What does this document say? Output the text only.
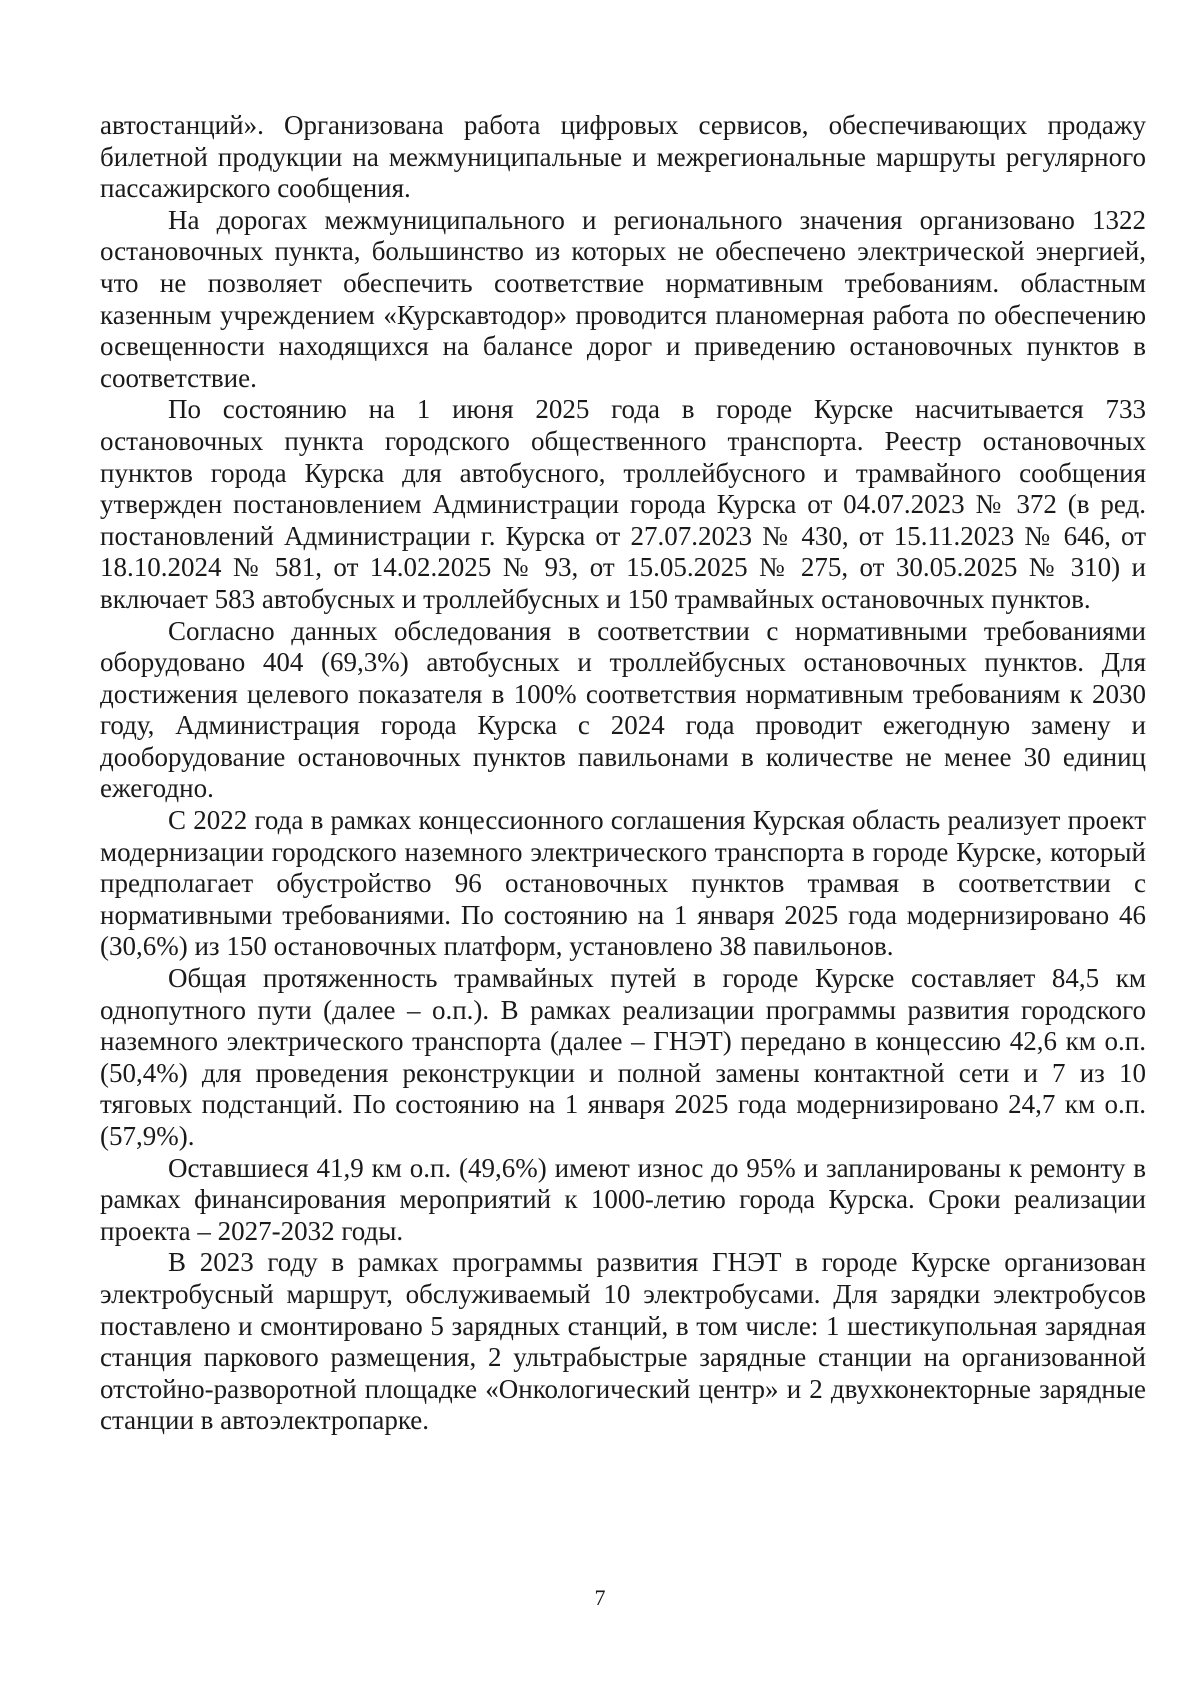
автостанций». Организована работа цифровых сервисов, обеспечивающих продажу билетной продукции на межмуниципальные и межрегиональные маршруты регулярного пассажирского сообщения.

На дорогах межмуниципального и регионального значения организовано 1322 остановочных пункта, большинство из которых не обеспечено электрической энергией, что не позволяет обеспечить соответствие нормативным требованиям. областным казенным учреждением «Курскавтодор» проводится планомерная работа по обеспечению освещенности находящихся на балансе дорог и приведению остановочных пунктов в соответствие.

По состоянию на 1 июня 2025 года в городе Курске насчитывается 733 остановочных пункта городского общественного транспорта. Реестр остановочных пунктов города Курска для автобусного, троллейбусного и трамвайного сообщения утвержден постановлением Администрации города Курска от 04.07.2023 № 372 (в ред. постановлений Администрации г. Курска от 27.07.2023 № 430, от 15.11.2023 № 646, от 18.10.2024 № 581, от 14.02.2025 № 93, от 15.05.2025 № 275, от 30.05.2025 № 310) и включает 583 автобусных и троллейбусных и 150 трамвайных остановочных пунктов.

Согласно данных обследования в соответствии с нормативными требованиями оборудовано 404 (69,3%) автобусных и троллейбусных остановочных пунктов. Для достижения целевого показателя в 100% соответствия нормативным требованиям к 2030 году, Администрация города Курска с 2024 года проводит ежегодную замену и дооборудование остановочных пунктов павильонами в количестве не менее 30 единиц ежегодно.

С 2022 года в рамках концессионного соглашения Курская область реализует проект модернизации городского наземного электрического транспорта в городе Курске, который предполагает обустройство 96 остановочных пунктов трамвая в соответствии с нормативными требованиями. По состоянию на 1 января 2025 года модернизировано 46 (30,6%) из 150 остановочных платформ, установлено 38 павильонов.

Общая протяженность трамвайных путей в городе Курске составляет 84,5 км однопутного пути (далее – о.п.). В рамках реализации программы развития городского наземного электрического транспорта (далее – ГНЭТ) передано в концессию 42,6 км о.п. (50,4%) для проведения реконструкции и полной замены контактной сети и 7 из 10 тяговых подстанций. По состоянию на 1 января 2025 года модернизировано 24,7 км о.п. (57,9%).

Оставшиеся 41,9 км о.п. (49,6%) имеют износ до 95% и запланированы к ремонту в рамках финансирования мероприятий к 1000-летию города Курска. Сроки реализации проекта – 2027-2032 годы.

В 2023 году в рамках программы развития ГНЭТ в городе Курске организован электробусный маршрут, обслуживаемый 10 электробусами. Для зарядки электробусов поставлено и смонтировано 5 зарядных станций, в том числе: 1 шестикупольная зарядная станция паркового размещения, 2 ультрабыстрые зарядные станции на организованной отстойно-разворотной площадке «Онкологический центр» и 2 двухконекторные зарядные станции в автоэлектропарке.

7
